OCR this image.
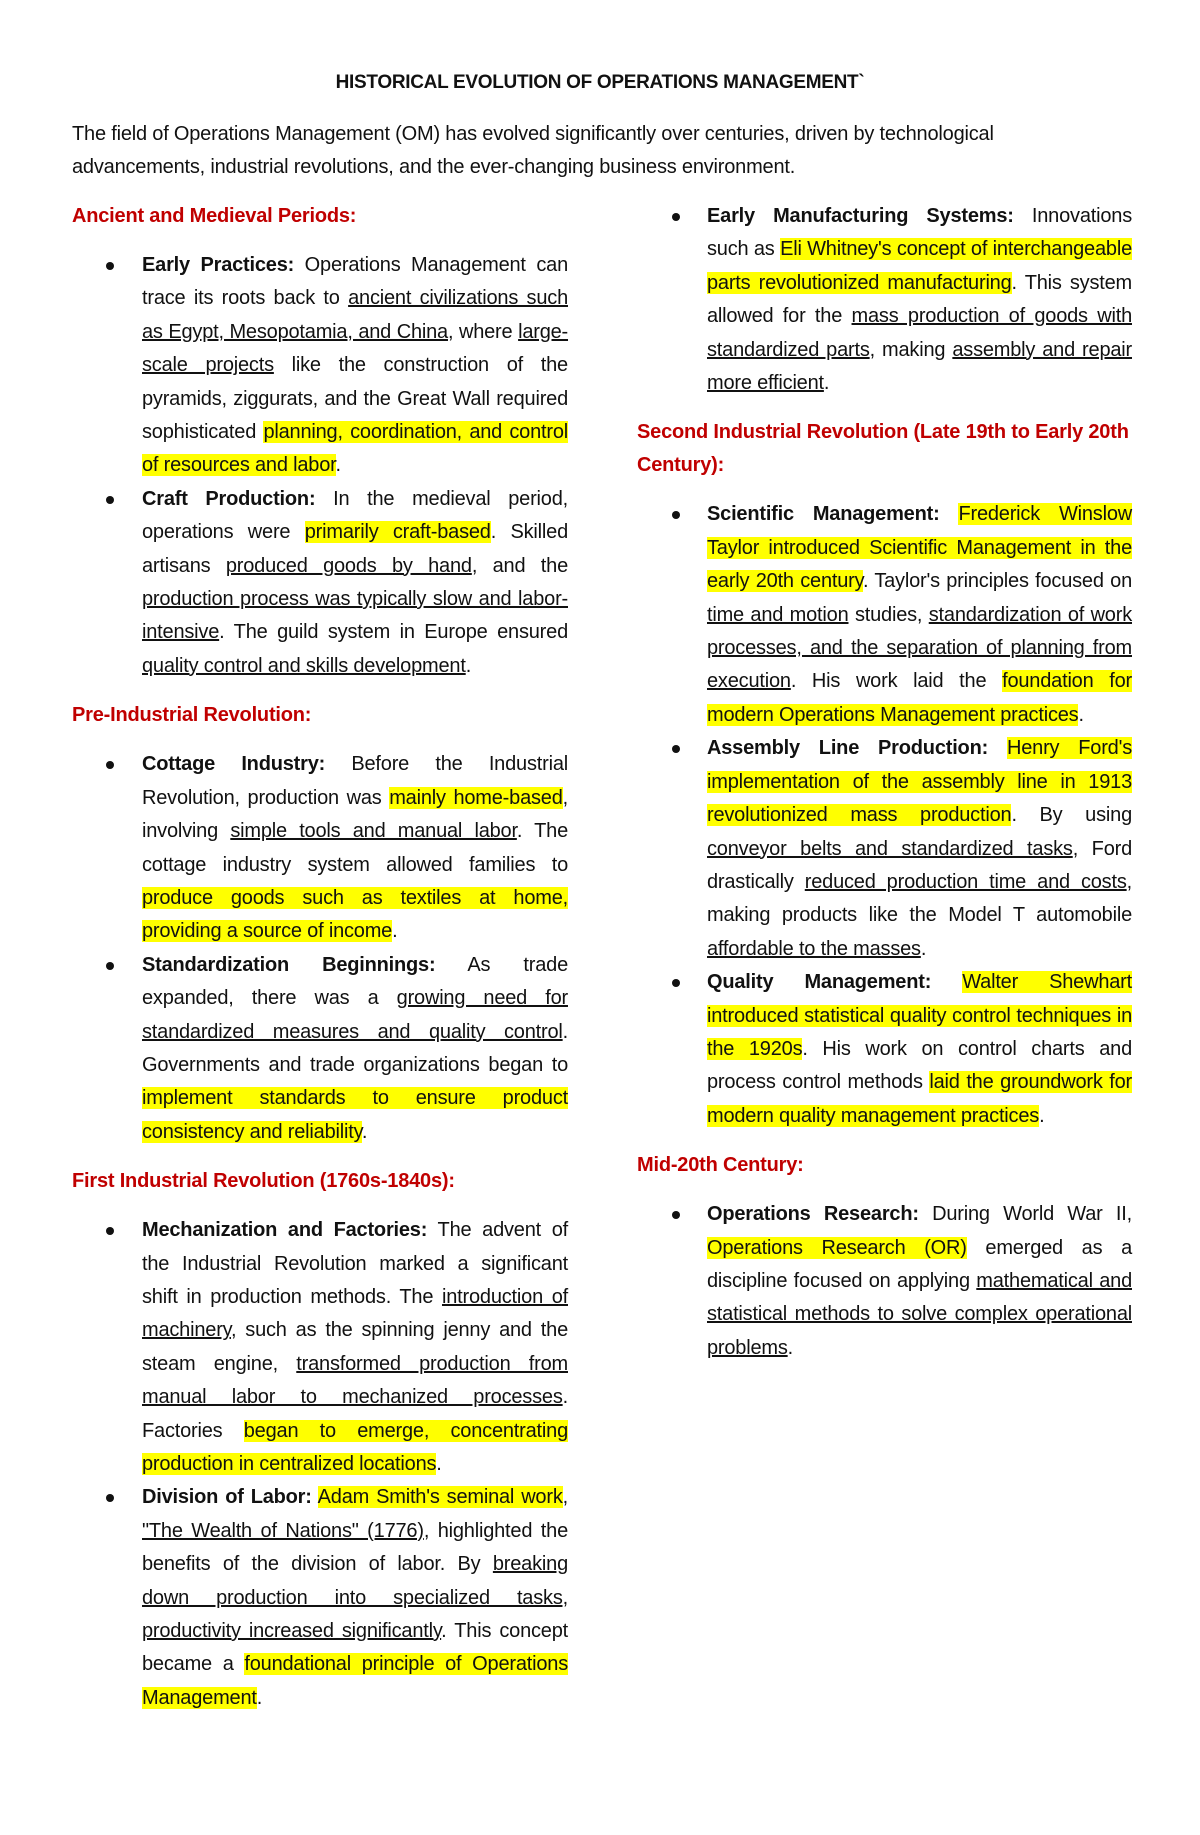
HISTORICAL EVOLUTION OF OPERATIONS MANAGEMENT`
The field of Operations Management (OM) has evolved significantly over centuries, driven by technological advancements, industrial revolutions, and the ever-changing business environment.
Ancient and Medieval Periods:
Early Practices: Operations Management can trace its roots back to ancient civilizations such as Egypt, Mesopotamia, and China, where large-scale projects like the construction of the pyramids, ziggurats, and the Great Wall required sophisticated planning, coordination, and control of resources and labor.
Craft Production: In the medieval period, operations were primarily craft-based. Skilled artisans produced goods by hand, and the production process was typically slow and labor-intensive. The guild system in Europe ensured quality control and skills development.
Pre-Industrial Revolution:
Cottage Industry: Before the Industrial Revolution, production was mainly home-based, involving simple tools and manual labor. The cottage industry system allowed families to produce goods such as textiles at home, providing a source of income.
Standardization Beginnings: As trade expanded, there was a growing need for standardized measures and quality control. Governments and trade organizations began to implement standards to ensure product consistency and reliability.
First Industrial Revolution (1760s-1840s):
Mechanization and Factories: The advent of the Industrial Revolution marked a significant shift in production methods. The introduction of machinery, such as the spinning jenny and the steam engine, transformed production from manual labor to mechanized processes. Factories began to emerge, concentrating production in centralized locations.
Division of Labor: Adam Smith's seminal work, "The Wealth of Nations" (1776), highlighted the benefits of the division of labor. By breaking down production into specialized tasks, productivity increased significantly. This concept became a foundational principle of Operations Management.
Early Manufacturing Systems: Innovations such as Eli Whitney's concept of interchangeable parts revolutionized manufacturing. This system allowed for the mass production of goods with standardized parts, making assembly and repair more efficient.
Second Industrial Revolution (Late 19th to Early 20th Century):
Scientific Management: Frederick Winslow Taylor introduced Scientific Management in the early 20th century. Taylor's principles focused on time and motion studies, standardization of work processes, and the separation of planning from execution. His work laid the foundation for modern Operations Management practices.
Assembly Line Production: Henry Ford's implementation of the assembly line in 1913 revolutionized mass production. By using conveyor belts and standardized tasks, Ford drastically reduced production time and costs, making products like the Model T automobile affordable to the masses.
Quality Management: Walter Shewhart introduced statistical quality control techniques in the 1920s. His work on control charts and process control methods laid the groundwork for modern quality management practices.
Mid-20th Century:
Operations Research: During World War II, Operations Research (OR) emerged as a discipline focused on applying mathematical and statistical methods to solve complex operational problems.
